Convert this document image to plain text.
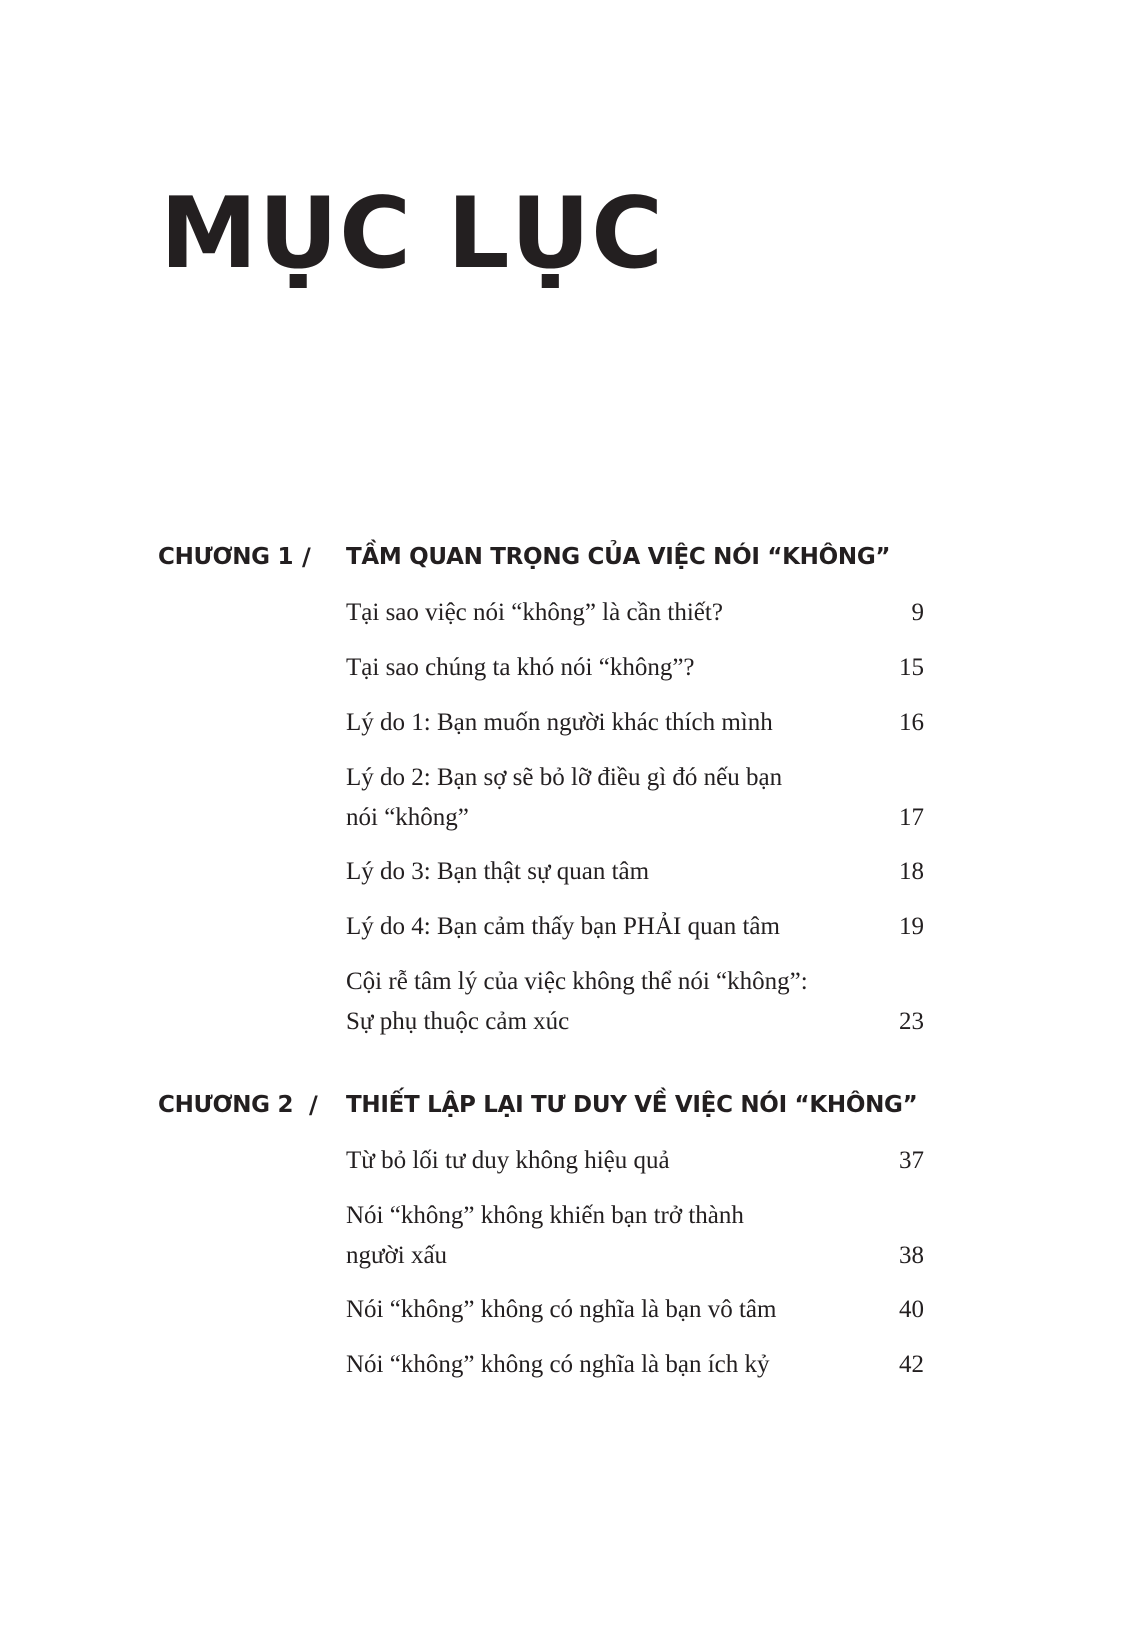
MỤC LỤC
CHƯƠNG 1 / TẦM QUAN TRỌNG CỦA VIỆC NÓI “KHÔNG”
Tại sao việc nói “không” là cần thiết?	9
Tại sao chúng ta khó nói “không”?	15
Lý do 1: Bạn muốn người khác thích mình	16
Lý do 2: Bạn sợ sẽ bỏ lỡ điều gì đó nếu bạn nói “không”	17
Lý do 3: Bạn thật sự quan tâm	18
Lý do 4: Bạn cảm thấy bạn PHẢI quan tâm	19
Cội rễ tâm lý của việc không thể nói “không”: Sự phụ thuộc cảm xúc	23
CHƯƠNG 2 / THIẾT LẬP LẠI TƯ DUY VỀ VIỆC NÓI “KHÔNG”
Từ bỏ lối tư duy không hiệu quả	37
Nói “không” không khiến bạn trở thành người xấu	38
Nói “không” không có nghĩa là bạn vô tâm	40
Nói “không” không có nghĩa là bạn ích kỷ	42
